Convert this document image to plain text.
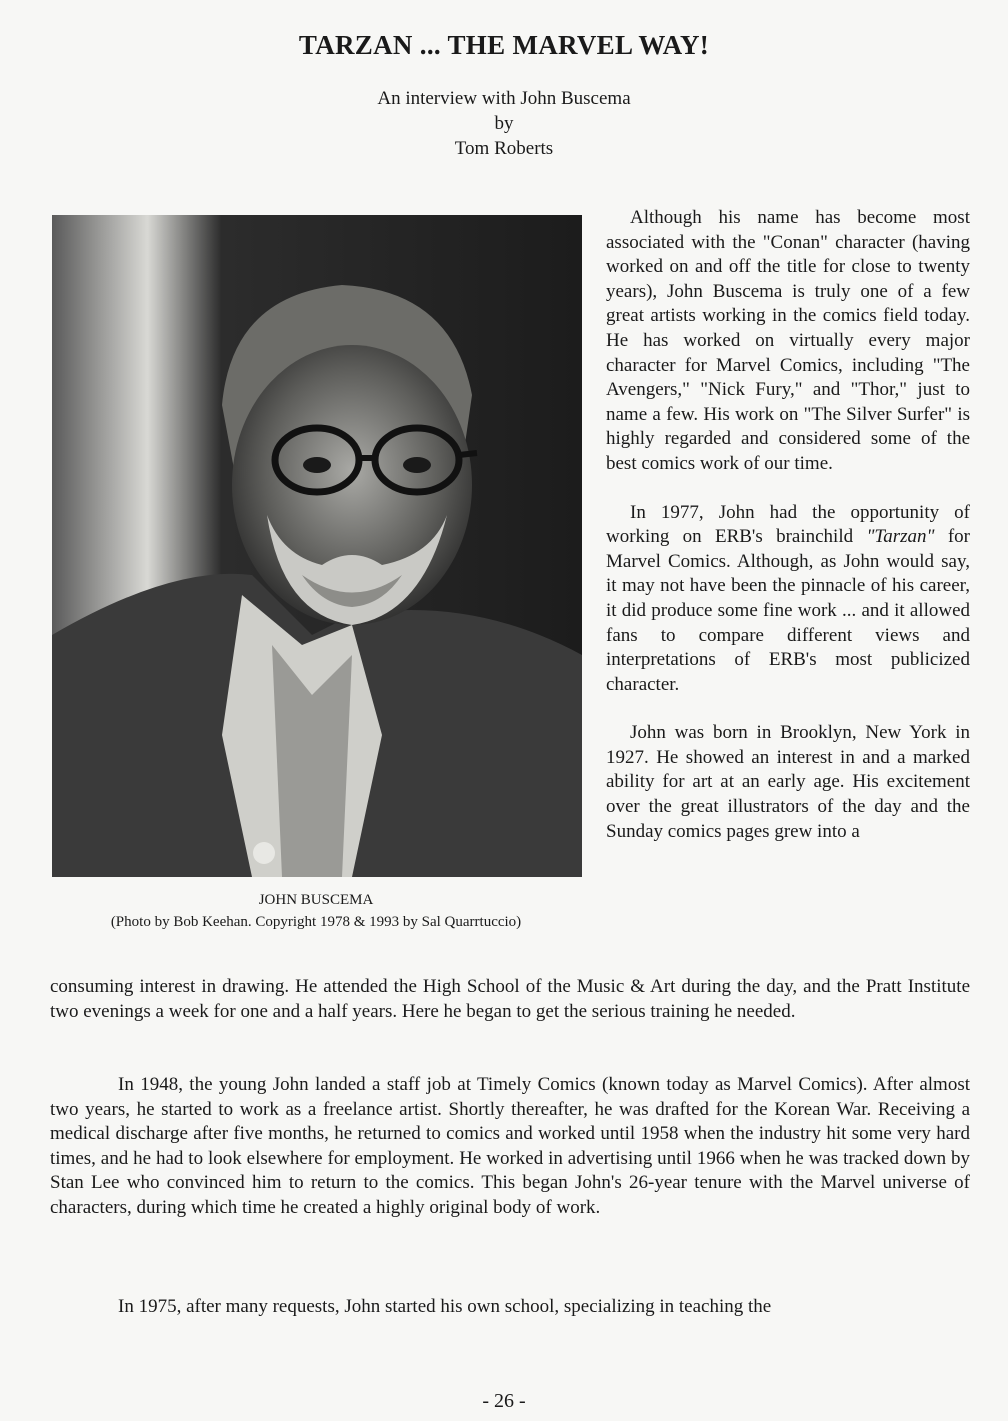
TARZAN ... THE MARVEL WAY!
An interview with John Buscema
by
Tom Roberts
JOHN BUSCEMA
(Photo by Bob Keehan. Copyright 1978 & 1993 by Sal Quarrtuccio)

Although his name has become most associated with the "Conan" character (having worked on and off the title for close to twenty years), John Buscema is truly one of a few great artists working in the comics field today. He has worked on virtually every major character for Marvel Comics, including "The Avengers," "Nick Fury," and "Thor," just to name a few. His work on "The Silver Surfer" is highly regarded and considered some of the best comics work of our time.

In 1977, John had the opportunity of working on ERB's brainchild "Tarzan" for Marvel Comics. Although, as John would say, it may not have been the pinnacle of his career, it did produce some fine work ... and it allowed fans to compare different views and interpretations of ERB's most publicized character.

John was born in Brooklyn, New York in 1927. He showed an interest in and a marked ability for art at an early age. His excitement over the great illustrators of the day and the Sunday comics pages grew into a

consuming interest in drawing. He attended the High School of the Music & Art during the day, and the Pratt Institute two evenings a week for one and a half years. Here he began to get the serious training he needed.
In 1948, the young John landed a staff job at Timely Comics (known today as Marvel Comics). After almost two years, he started to work as a freelance artist. Shortly thereafter, he was drafted for the Korean War. Receiving a medical discharge after five months, he returned to comics and worked until 1958 when the industry hit some very hard times, and he had to look elsewhere for employment. He worked in advertising until 1966 when he was tracked down by Stan Lee who convinced him to return to the comics. This began John's 26-year tenure with the Marvel universe of characters, during which time he created a highly original body of work.
In 1975, after many requests, John started his own school, specializing in teaching the
- 26 -
